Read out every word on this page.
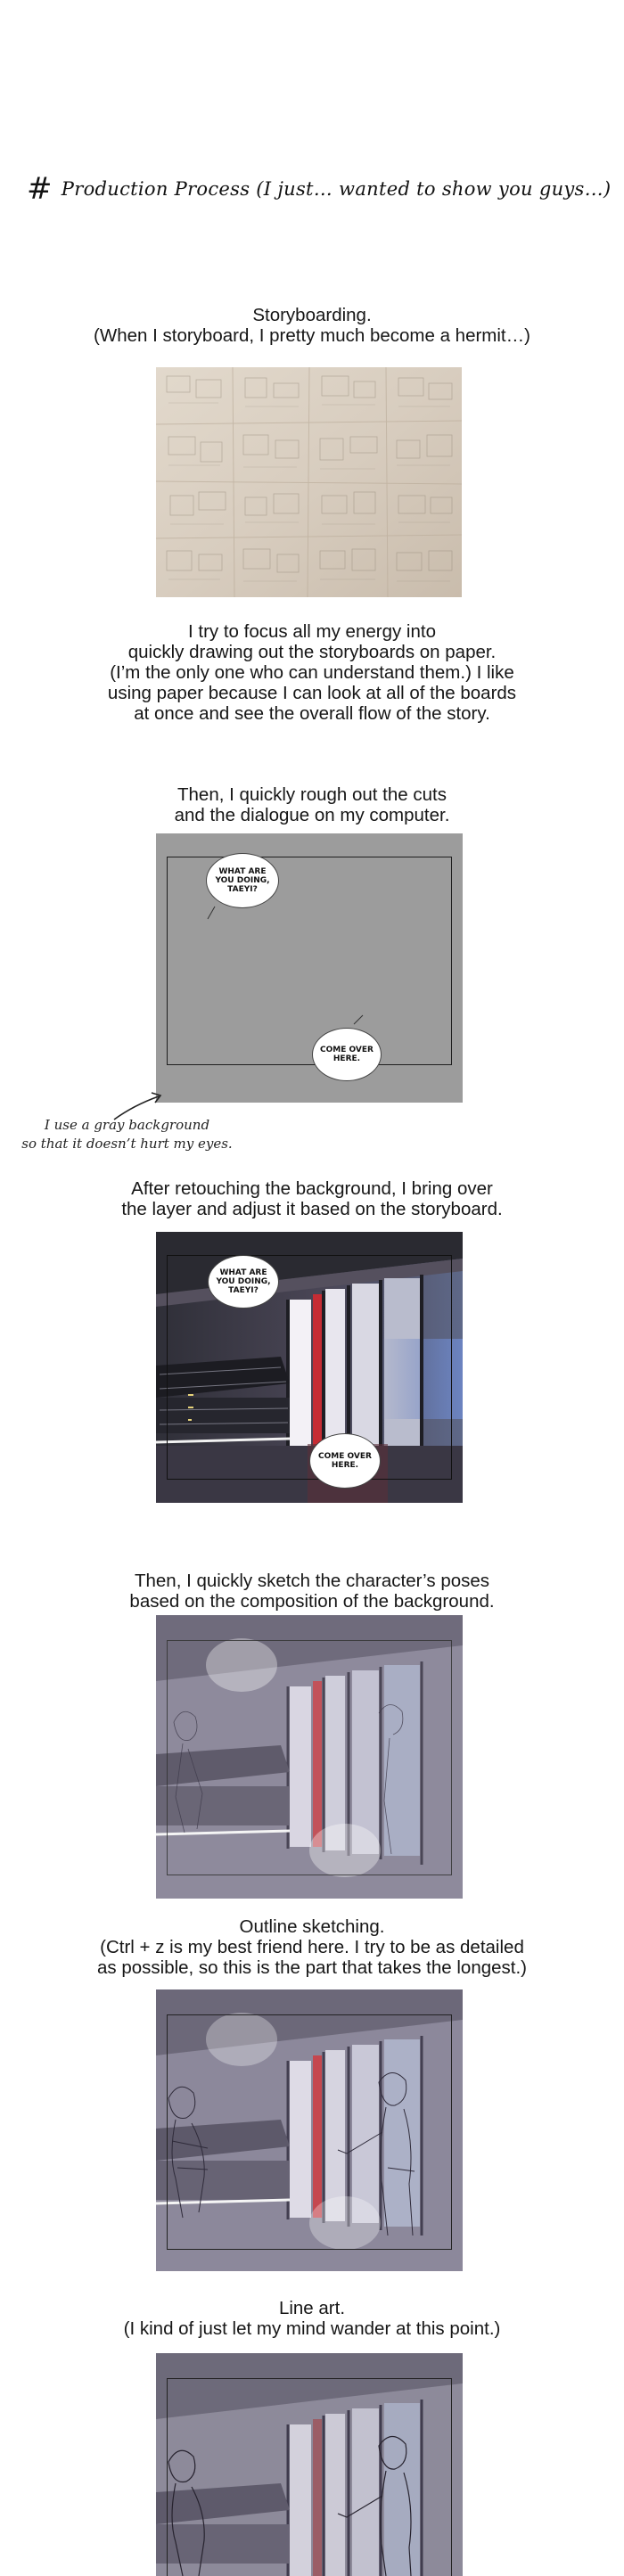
# Production Process (I just… wanted to show you guys…)
Storyboarding.
(When I storyboard, I pretty much become a hermit…)
I try to focus all my energy into
quickly drawing out the storyboards on paper.
(I’m the only one who can understand them.) I like
using paper because I can look at all of the boards
at once and see the overall flow of the story.
Then, I quickly rough out the cuts
and the dialogue on my computer.
WHAT ARE
YOU DOING,
TAEYI?
COME OVER
HERE.
I use a gray background
so that it doesn’t hurt my eyes.
After retouching the background, I bring over
the layer and adjust it based on the storyboard.
WHAT ARE
YOU DOING,
TAEYI?
COME OVER
HERE.
Then, I quickly sketch the character’s poses
based on the composition of the background.
Outline sketching.
(Ctrl + z is my best friend here. I try to be as detailed
as possible, so this is the part that takes the longest.)
Line art.
(I kind of just let my mind wander at this point.)
